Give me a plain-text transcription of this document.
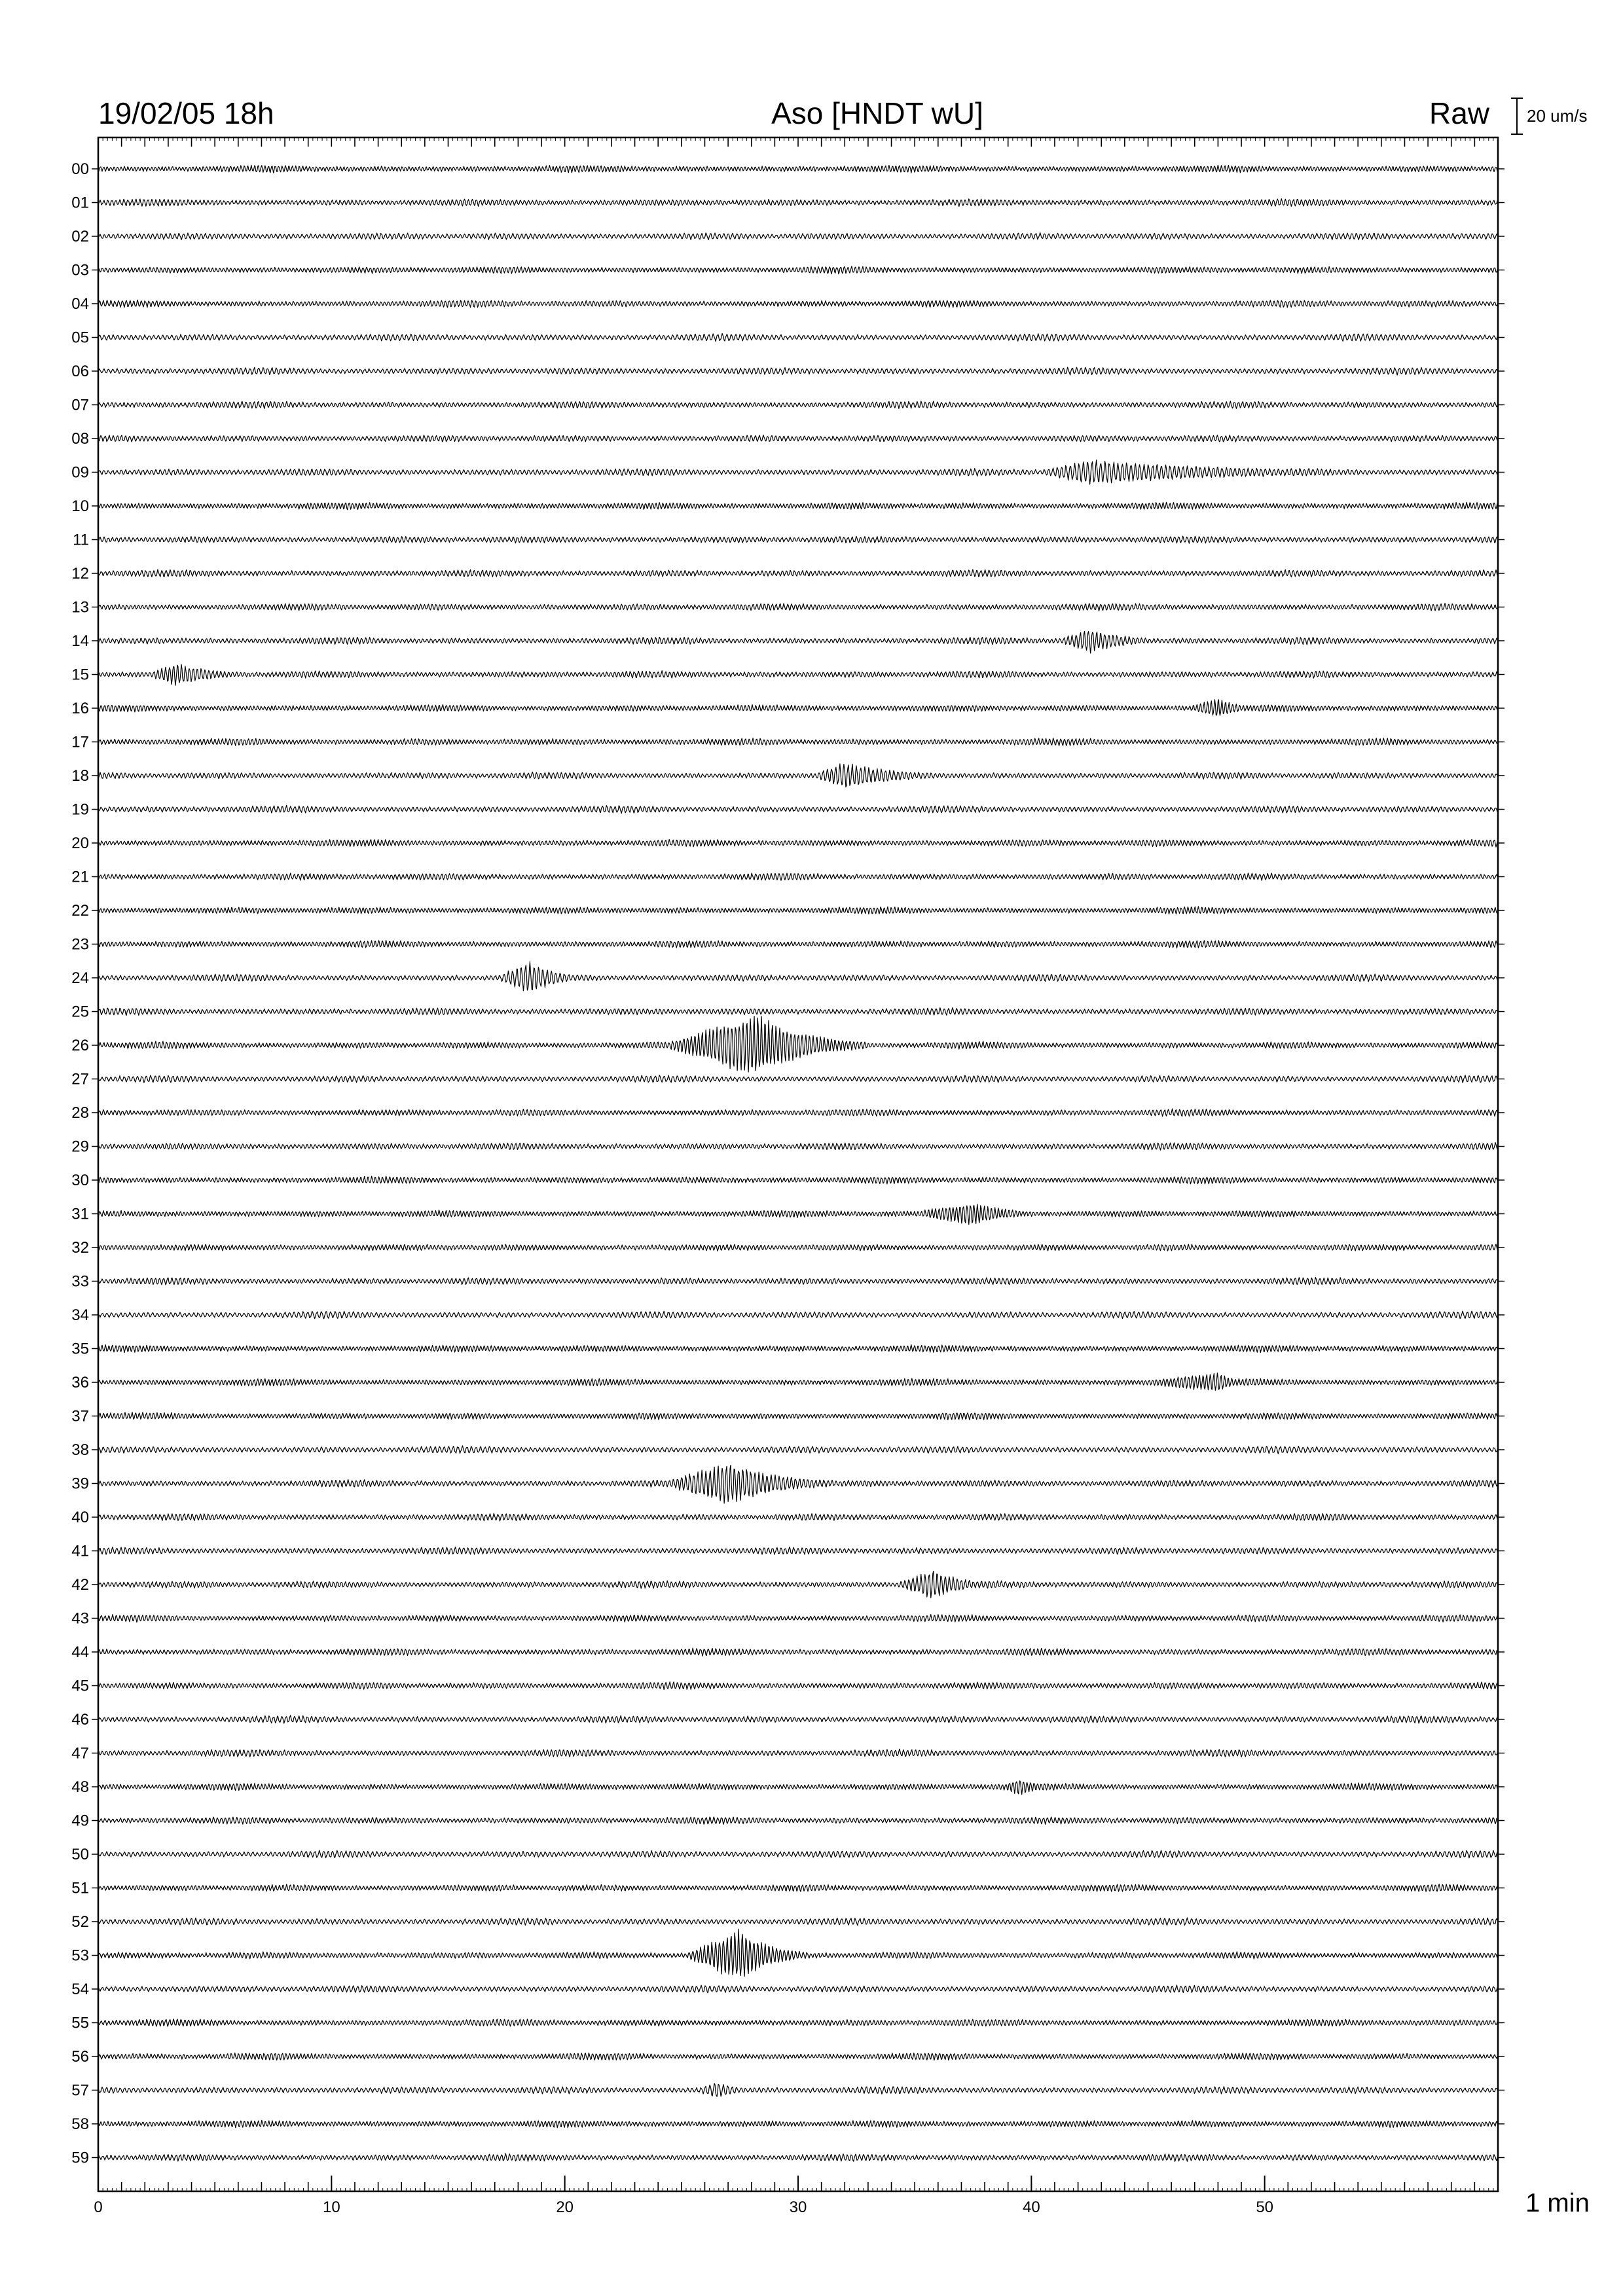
19/02/05 18h	Aso [HNDT wU]	Raw 20 um/s
1 min
0	10	20	30	40	50
00
01
02
03
04
05
06
07
08
09
10
11
12
13
14
15
16
17
18
19
20
21
22
23
24
25
26
27
28
29
30
31
32
33
34
35
36
37
38
39
40
41
42
43
44
45
46
47
48
49
50
51
52
53
54
55
56
57
58
59
